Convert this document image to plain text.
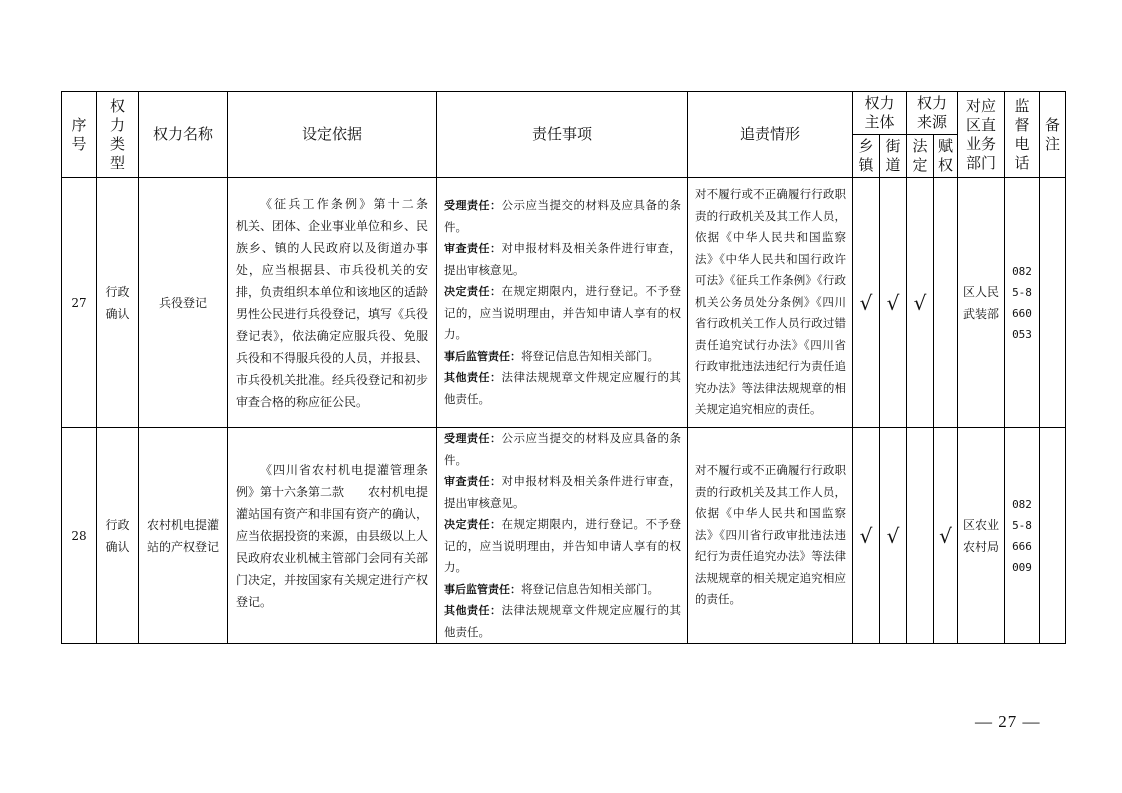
序号	权力类型	权力名称	设定依据	责任事项	追责情形	权力主体		权力来源		对应区直业务部门	监督电话	备注

						乡镇	街道	法定	赋权			

27	行政确认	兵役登记	《征兵工作条例》第十二条　　机关、团体、企业事业单位和乡、民族乡、镇的人民政府以及街道办事处，应当根据县、市兵役机关的安排，负责组织本单位和该地区的适龄男性公民进行兵役登记，填写《兵役登记表》，依法确定应服兵役、免服兵役和不得服兵役的人员，并报县、市兵役机关批准。经兵役登记和初步审查合格的称应征公民。	受理责任：公示应当提交的材料及应具备的条件。
审查责任：对申报材料及相关条件进行审查，提出审核意见。
决定责任：在规定期限内，进行登记。不予登记的，应当说明理由，并告知申请人享有的权力。
事后监管责任：将登记信息告知相关部门。
其他责任：法律法规规章文件规定应履行的其他责任。	对不履行或不正确履行行政职责的行政机关及其工作人员，依据《中华人民共和国监察法》《中华人民共和国行政许可法》《征兵工作条例》《行政机关公务员处分条例》《四川省行政机关工作人员行政过错责任追究试行办法》《四川省行政审批违法违纪行为责任追究办法》等法律法规规章的相关规定追究相应的责任。	√	√	√		区人民武装部	0825-8660053	

28	行政确认	农村机电提灌站的产权登记	《四川省农村机电提灌管理条例》第十六条第二款　　农村机电提灌站国有资产和非国有资产的确认，应当依据投资的来源，由县级以上人民政府农业机械主管部门会同有关部门决定，并按国家有关规定进行产权登记。	受理责任：公示应当提交的材料及应具备的条件。
审查责任：对申报材料及相关条件进行审查，提出审核意见。
决定责任：在规定期限内，进行登记。不予登记的，应当说明理由，并告知申请人享有的权力。
事后监管责任：将登记信息告知相关部门。
其他责任：法律法规规章文件规定应履行的其他责任。	对不履行或不正确履行行政职责的行政机关及其工作人员，依据《中华人民共和国监察法》《四川省行政审批违法违纪行为责任追究办法》等法律法规规章的相关规定追究相应的责任。	√	√		√	区农业农村局	0825-8666009	

— 27 —
